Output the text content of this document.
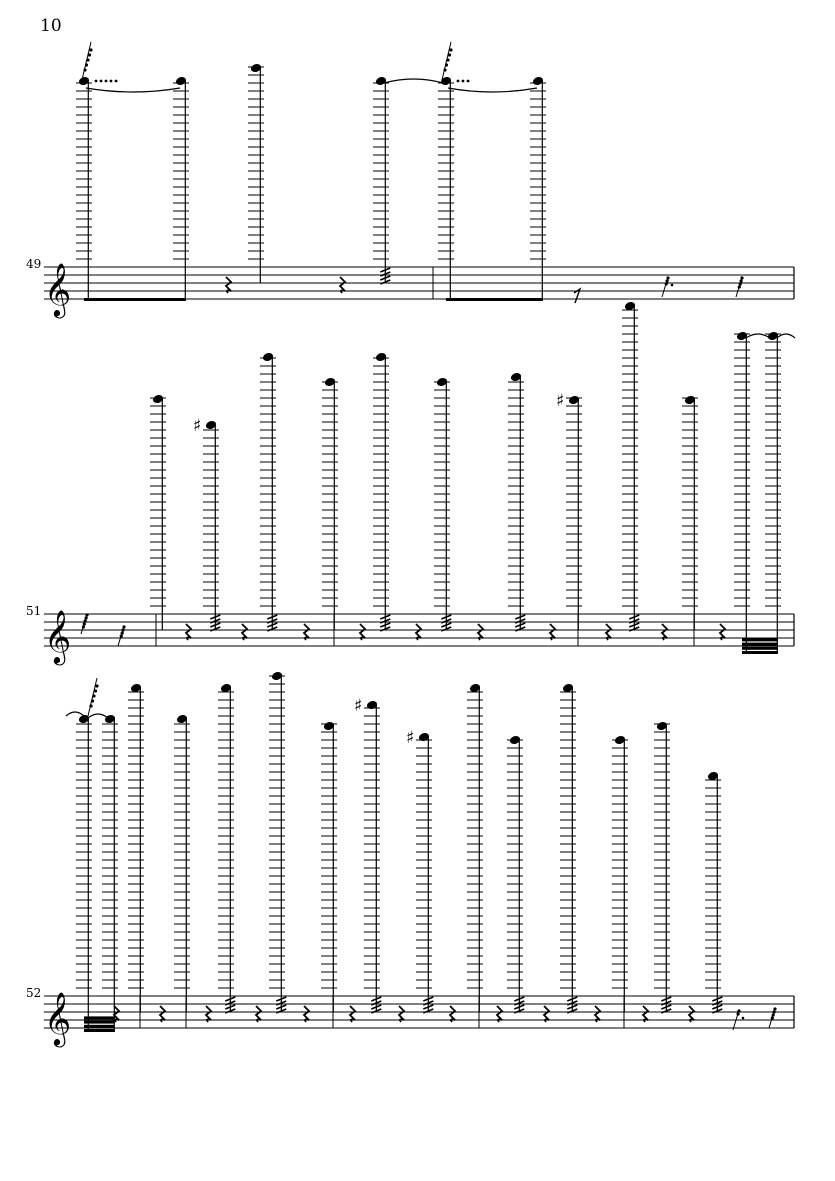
10
49
51
52
𝄞
𝄞
♯
♯
𝄞
♯
♯
